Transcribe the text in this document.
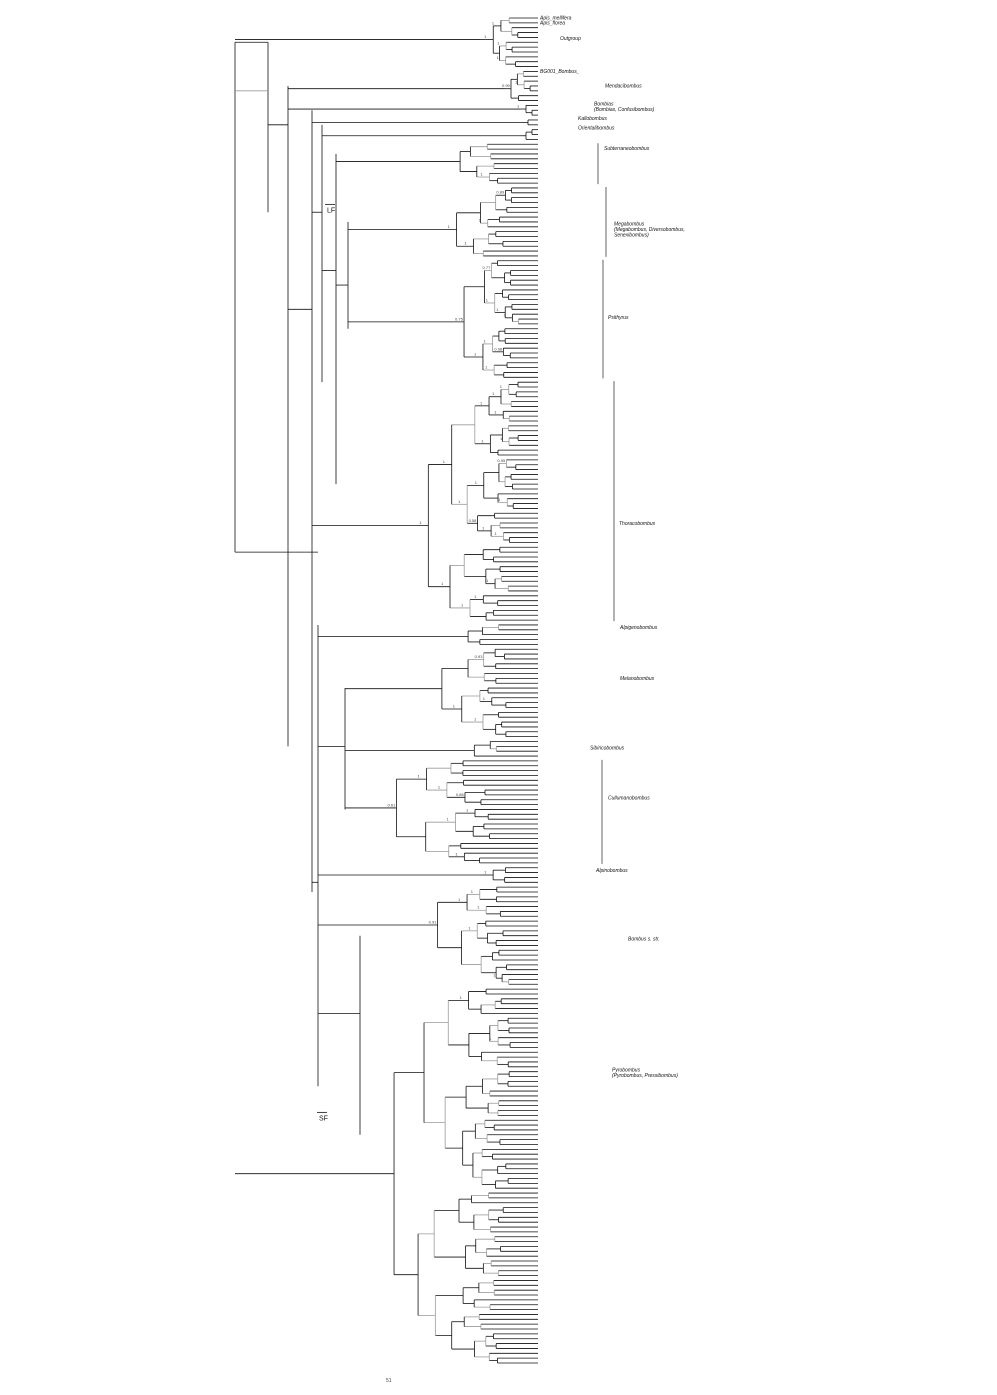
Apis_mellifera
Apis_florea
BG001_Bombus_
Outgroup
Mendacibombus
Bombias
(Bombias, Confusibombus)
Kallobombus
Orientalibombus
Subterraneobombus
Megabombus
(Megabombus, Diversobombus,
Senexibombus)
Psithyrus
Thoracobombus
Alpigenobombus
Melanobombus
Sibiricobombus
Cullumanobombus
Alpinobombus
Bombus s. str.
Pyrobombus
(Pyrobombus, Pressibombus)
1
1
1
1
1
0.99
1
1
0.89
1
1
1
0.77
1
1
1
0.98
1
1
1
0.75
1
1
1
1
1
1
0.95
1
1
1
1
0.58
1
1
1
1
1
1
1
0.93
1
1
1
0.86
1
1
1
1
1
0.61
1
1
1
1
1
1
0.91
1
1
LF
SF
51
